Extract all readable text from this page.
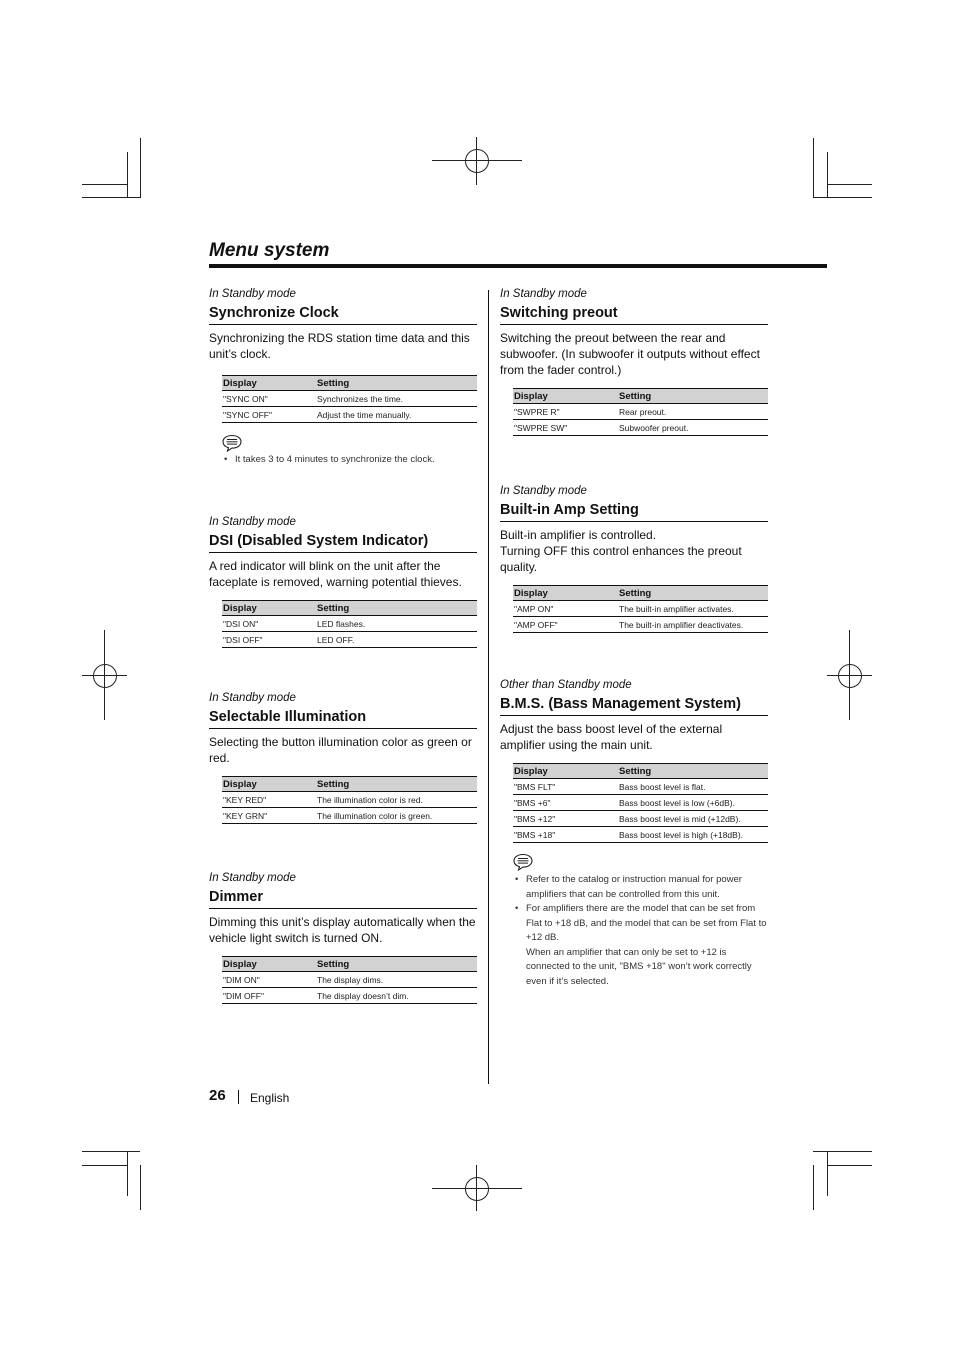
Menu system
In Standby mode
Synchronize Clock
Synchronizing the RDS station time data and this unit’s clock.
Display	Setting
"SYNC ON"	Synchronizes the time.
"SYNC OFF"	Adjust the time manually.
• It takes 3 to 4 minutes to synchronize the clock.
In Standby mode
DSI (Disabled System Indicator)
A red indicator will blink on the unit after the faceplate is removed, warning potential thieves.
Display	Setting
"DSI ON"	LED flashes.
"DSI OFF"	LED OFF.
In Standby mode
Selectable Illumination
Selecting the button illumination color as green or red.
Display	Setting
"KEY RED"	The illumination color is red.
"KEY GRN"	The illumination color is green.
In Standby mode
Dimmer
Dimming this unit’s display automatically when the vehicle light switch is turned ON.
Display	Setting
"DIM ON"	The display dims.
"DIM OFF"	The display doesn’t dim.
In Standby mode
Switching preout
Switching the preout between the rear and subwoofer. (In subwoofer it outputs without effect from the fader control.)
Display	Setting
"SWPRE R"	Rear preout.
"SWPRE SW"	Subwoofer preout.
In Standby mode
Built-in Amp Setting
Built-in amplifier is controlled.
Turning OFF this control enhances the preout quality.
Display	Setting
"AMP ON"	The built-in amplifier activates.
"AMP OFF"	The built-in amplifier deactivates.
Other than Standby mode
B.M.S. (Bass Management System)
Adjust the bass boost level of the external amplifier using the main unit.
Display	Setting
"BMS FLT"	Bass boost level is flat.
"BMS +6"	Bass boost level is low (+6dB).
"BMS +12"	Bass boost level is mid (+12dB).
"BMS +18"	Bass boost level is high (+18dB).
• Refer to the catalog or instruction manual for power amplifiers that can be controlled from this unit.
• For amplifiers there are the model that can be set from Flat to +18 dB, and the model that can be set from Flat to +12 dB.
When an amplifier that can only be set to +12 is connected to the unit, "BMS +18" won’t work correctly even if it’s selected.
26 English
